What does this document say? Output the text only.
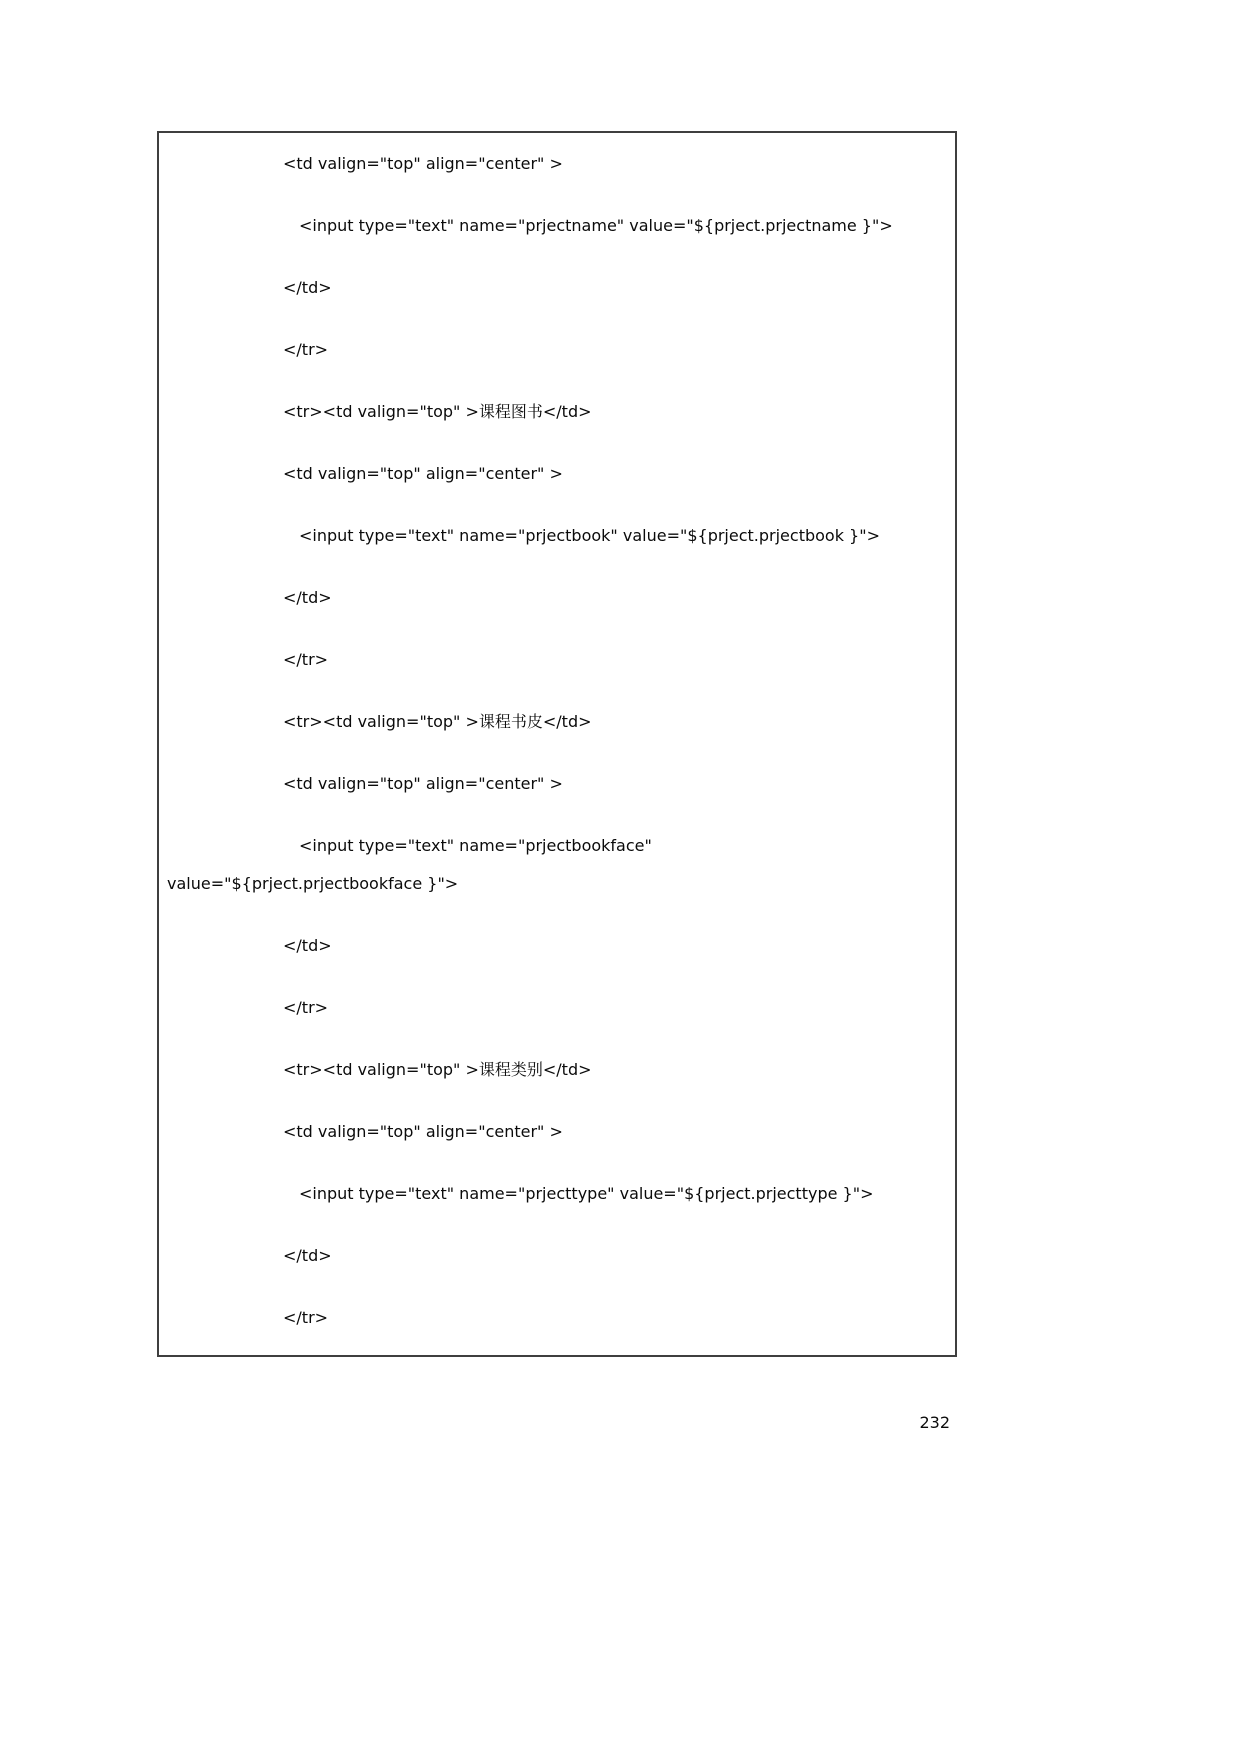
<td valign="top" align="center" >
<input type="text" name="prjectname" value="${prject.prjectname }">
</td>
</tr>
<tr><td valign="top" >课程图书</td>
<td valign="top" align="center" >
<input type="text" name="prjectbook" value="${prject.prjectbook }">
</td>
</tr>
<tr><td valign="top" >课程书皮</td>
<td valign="top" align="center" >
<input type="text" name="prjectbookface"
value="${prject.prjectbookface }">
</td>
</tr>
<tr><td valign="top" >课程类别</td>
<td valign="top" align="center" >
<input type="text" name="prjecttype" value="${prject.prjecttype }">
</td>
</tr>
232
